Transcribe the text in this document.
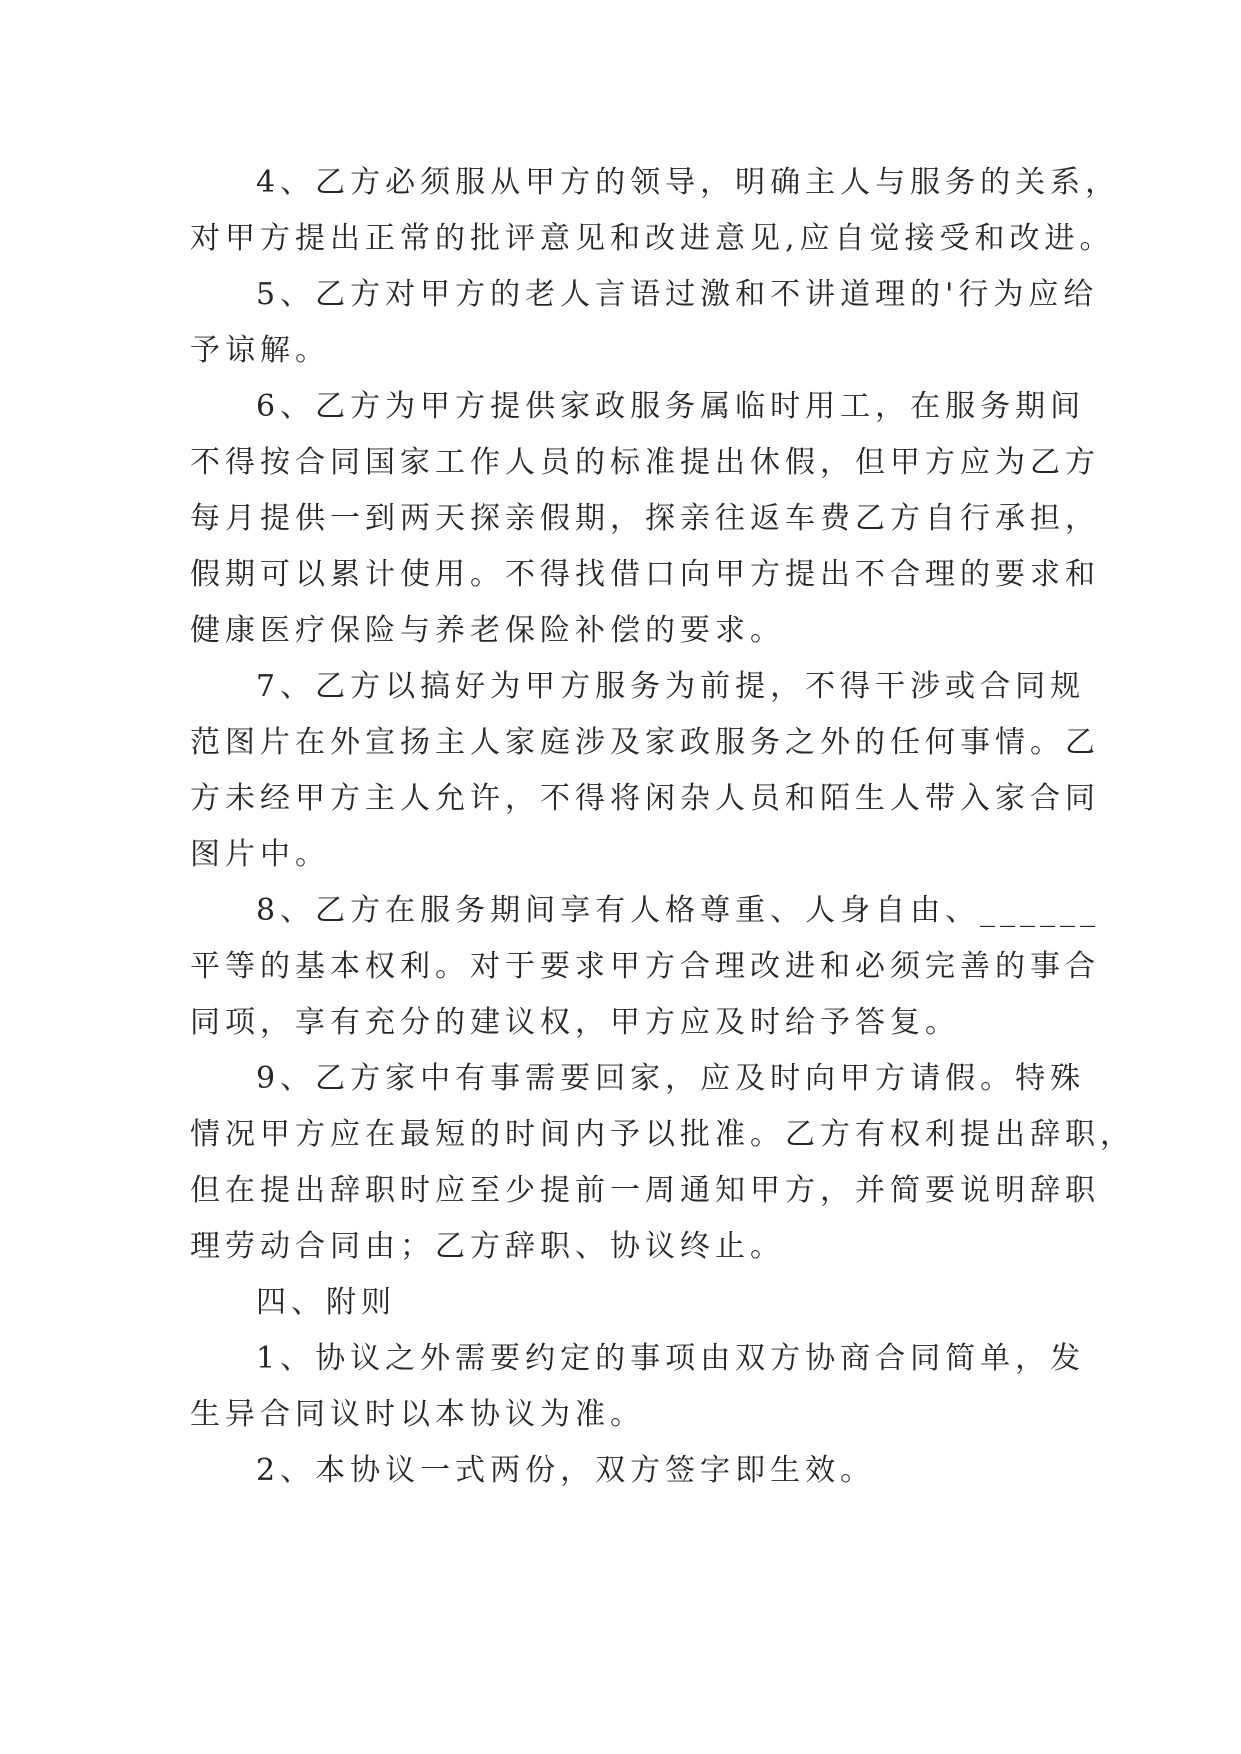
4、乙方必须服从甲方的领导，明确主人与服务的关系，
对甲方提出正常的批评意见和改进意见,应自觉接受和改进。
5、乙方对甲方的老人言语过激和不讲道理的'行为应给
予谅解。
6、乙方为甲方提供家政服务属临时用工，在服务期间
不得按合同国家工作人员的标准提出休假，但甲方应为乙方
每月提供一到两天探亲假期，探亲往返车费乙方自行承担，
假期可以累计使用。不得找借口向甲方提出不合理的要求和
健康医疗保险与养老保险补偿的要求。
7、乙方以搞好为甲方服务为前提，不得干涉或合同规
范图片在外宣扬主人家庭涉及家政服务之外的任何事情。乙
方未经甲方主人允许，不得将闲杂人员和陌生人带入家合同
图片中。
8、乙方在服务期间享有人格尊重、人身自由、______
平等的基本权利。对于要求甲方合理改进和必须完善的事合
同项，享有充分的建议权，甲方应及时给予答复。
9、乙方家中有事需要回家，应及时向甲方请假。特殊
情况甲方应在最短的时间内予以批准。乙方有权利提出辞职，
但在提出辞职时应至少提前一周通知甲方，并简要说明辞职
理劳动合同由；乙方辞职、协议终止。
四、附则
1、协议之外需要约定的事项由双方协商合同简单，发
生异合同议时以本协议为准。
2、本协议一式两份，双方签字即生效。
